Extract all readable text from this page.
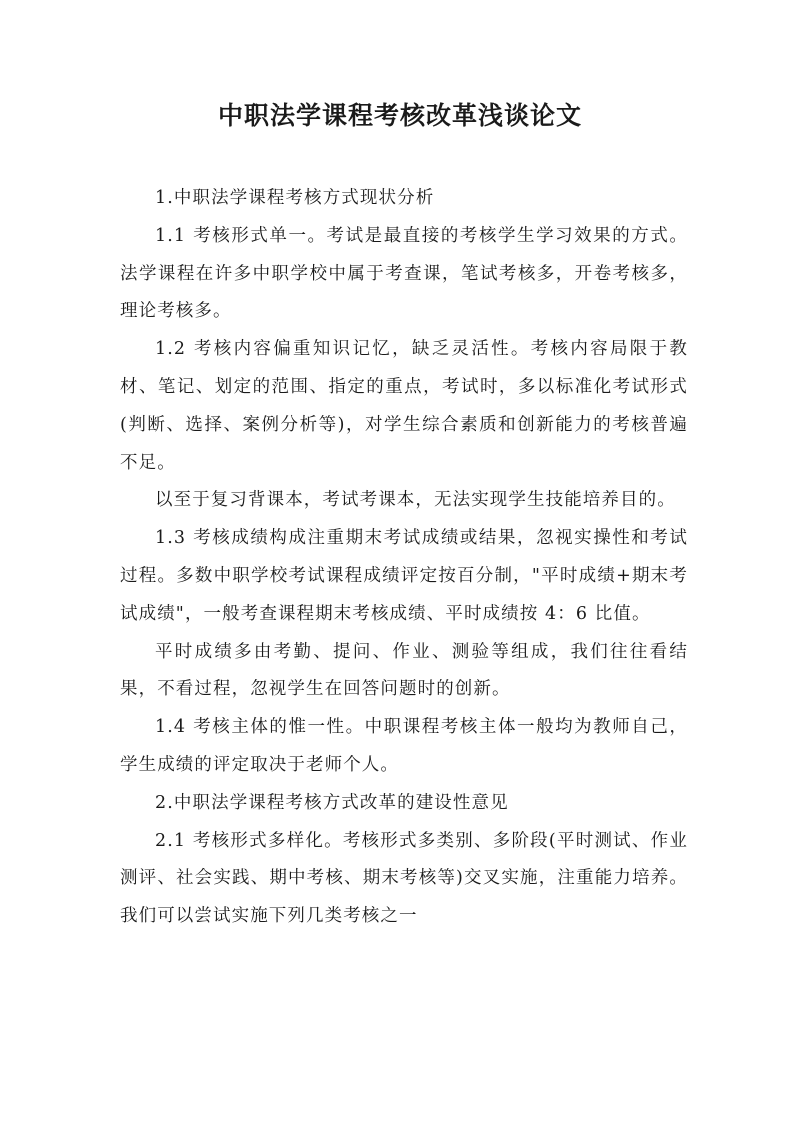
中职法学课程考核改革浅谈论文

1.中职法学课程考核方式现状分析

1.1 考核形式单一。考试是最直接的考核学生学习效果的方式。法学课程在许多中职学校中属于考查课，笔试考核多，开卷考核多，理论考核多。

1.2 考核内容偏重知识记忆，缺乏灵活性。考核内容局限于教材、笔记、划定的范围、指定的重点，考试时，多以标准化考试形式(判断、选择、案例分析等)，对学生综合素质和创新能力的考核普遍不足。

以至于复习背课本，考试考课本，无法实现学生技能培养目的。

1.3 考核成绩构成注重期末考试成绩或结果，忽视实操性和考试过程。多数中职学校考试课程成绩评定按百分制，"平时成绩+期末考试成绩"，一般考查课程期末考核成绩、平时成绩按 4：6 比值。

平时成绩多由考勤、提问、作业、测验等组成，我们往往看结果，不看过程，忽视学生在回答问题时的创新。

1.4 考核主体的惟一性。中职课程考核主体一般均为教师自己，学生成绩的评定取决于老师个人。

2.中职法学课程考核方式改革的建设性意见

2.1 考核形式多样化。考核形式多类别、多阶段(平时测试、作业测评、社会实践、期中考核、期末考核等)交叉实施，注重能力培养。我们可以尝试实施下列几类考核之一
